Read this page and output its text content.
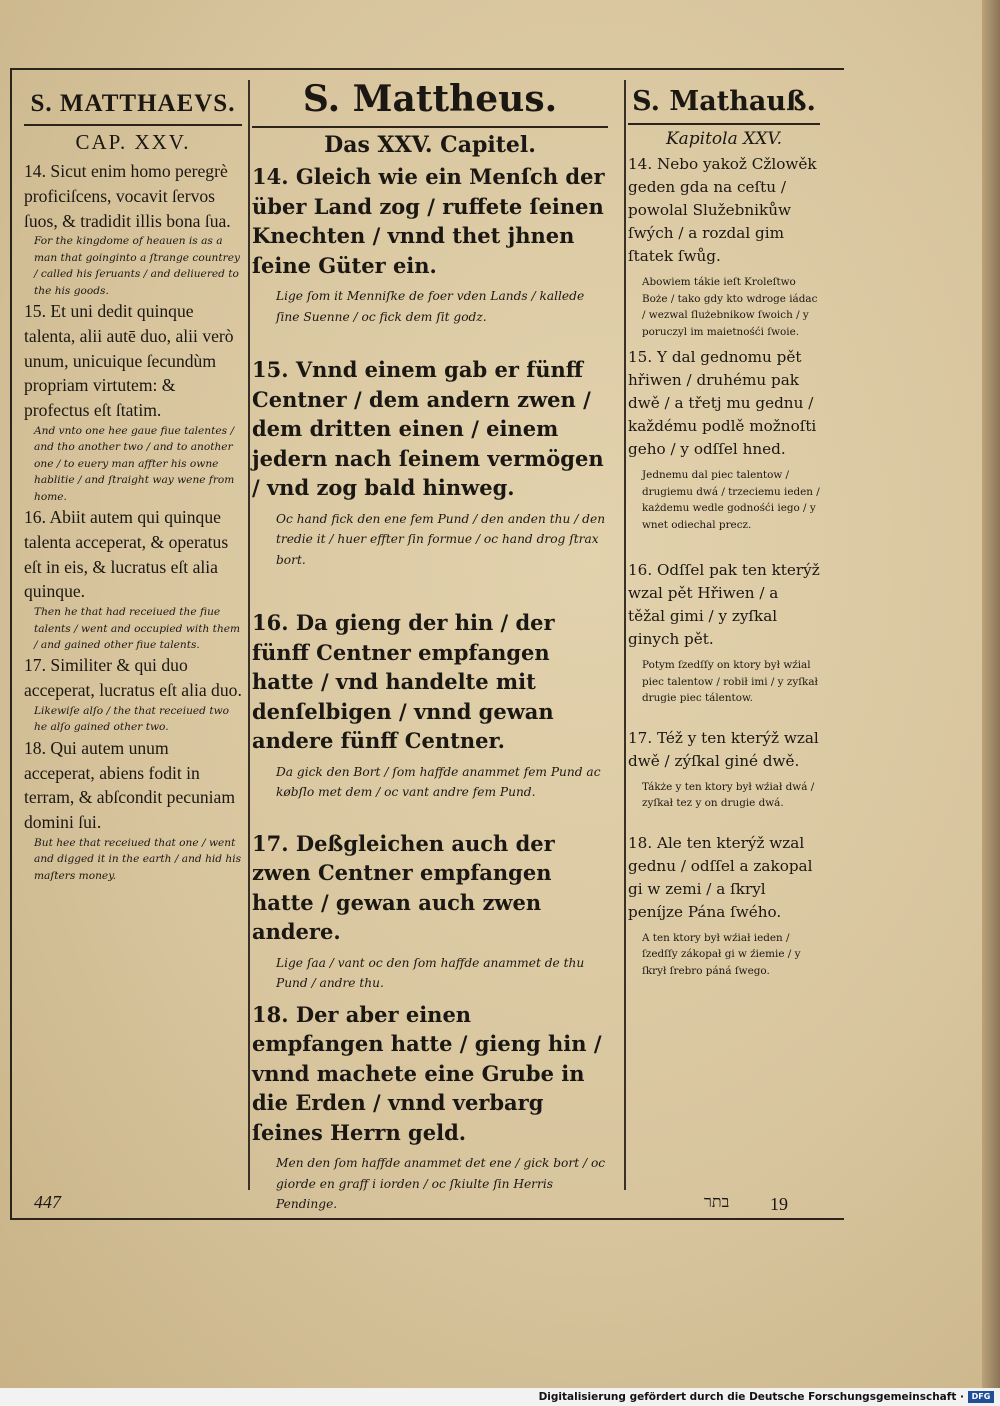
S. MATTHAEVS.
CAP. XXV.

14. Sicut enim homo peregrè proficiſcens, vocavit ſervos ſuos, & tradidit illis bona ſua.

For the kingdome of heauen is as a man that goinginto a ſtrange countrey / called his ſeruants / and deliuered to the his goods.

15. Et uni dedit quinque talenta, alii autē duo, alii verò unum, unicuique ſecundùm propriam virtutem: & profectus eſt ſtatim.

And vnto one hee gaue fiue talentes / and tho another two / and to another one / to euery man affter his owne hablitie / and ſtraight way wene from home.

16. Abiit autem qui quinque talenta acceperat, & operatus eſt in eis, & lucratus eſt alia quinque.

Then he that had receiued the fiue talents / went and occupied with them / and gained other fiue talents.

17. Similiter & qui duo acceperat, lucratus eſt alia duo.

Likewiſe alſo / the that receiued two he alſo gained other two.

18. Qui autem unum acceperat, abiens fodit in terram, & abſcondit pecuniam domini ſui.

But hee that receiued that one / went and digged it in the earth / and hid his maſters money.

S. Mattheus.
Das XXV. Capitel.

14. Gleich wie ein Menſch der über Land zog / ruffete ſeinen Knechten / vnnd thet jhnen ſeine Güter ein.

Lige ſom it Menniſke de foer vden Lands / kallede ſine Suenne / oc fick dem ſit godz.

15. Vnnd einem gab er fünff Centner / dem andern zwen / dem dritten einen / einem jedern nach ſeinem vermögen / vnd zog bald hinweg.

Oc hand fick den ene fem Pund / den anden thu / den tredie it / huer effter ſin formue / oc hand drog ſtrax bort.

16. Da gieng der hin / der fünff Centner empfangen hatte / vnd handelte mit denſelbigen / vnnd gewan andere fünff Centner.

Da gick den Bort / ſom haffde anammet fem Pund ac købſlo met dem / oc vant andre fem Pund.

17. Deßgleichen auch der zwen Centner empfangen hatte / gewan auch zwen andere.

Lige ſaa / vant oc den ſom haffde anammet de thu Pund / andre thu.

18. Der aber einen empfangen hatte / gieng hin / vnnd machete eine Grube in die Erden / vnnd verbarg ſeines Herrn geld.

Men den ſom haffde anammet det ene / gick bort / oc giorde en graff i iorden / oc ſkiulte ſin Herris Pendinge.

S. Mathauß.
Kapitola XXV.

14. Nebo yakož Cžlowěk geden gda na ceſtu / powolal Služebnikůw ſwých / a rozdal gim ſtatek ſwůg.

Abowiem tákie ieſt Kroleſtwo Boże / tako gdy kto wdroge iádac / wezwal ſlużebnikow ſwoich / y poruczyl im maietnośći ſwoie.

15. Y dal gednomu pět hřiwen / druhému pak dwě / a třetj mu gednu / každému podlě možnoſti geho / y odſſel hned.

Jednemu dal piec talentow / drugiemu dwá / trzeciemu ieden / każdemu wedle godnośći iego / y wnet odiechal precz.

16. Odſſel pak ten kterýž wzal pět Hřiwen / a těžal gimi / y zyſkal ginych pět.

Potym ſzedſſy on ktory był wźial piec talentow / robił imi / y zyſkał drugie piec tálentow.

17. Též y ten kterýž wzal dwě / zýſkal giné dwě.

Tákże y ten ktory był wźiał dwá / zyſkał tez y on drugie dwá.

18. Ale ten kterýž wzal gednu / odſſel a zakopal gi w zemi / a ſkryl peníjze Pána ſwého.

A ten ktory był wźiał ieden / ſzedſſy zákopał gi w źiemie / y ſkrył ſrebro páná ſwego.

447	בתר 19
Digitalisierung gefördert durch die Deutsche Forschungsgemeinschaft · DFG
